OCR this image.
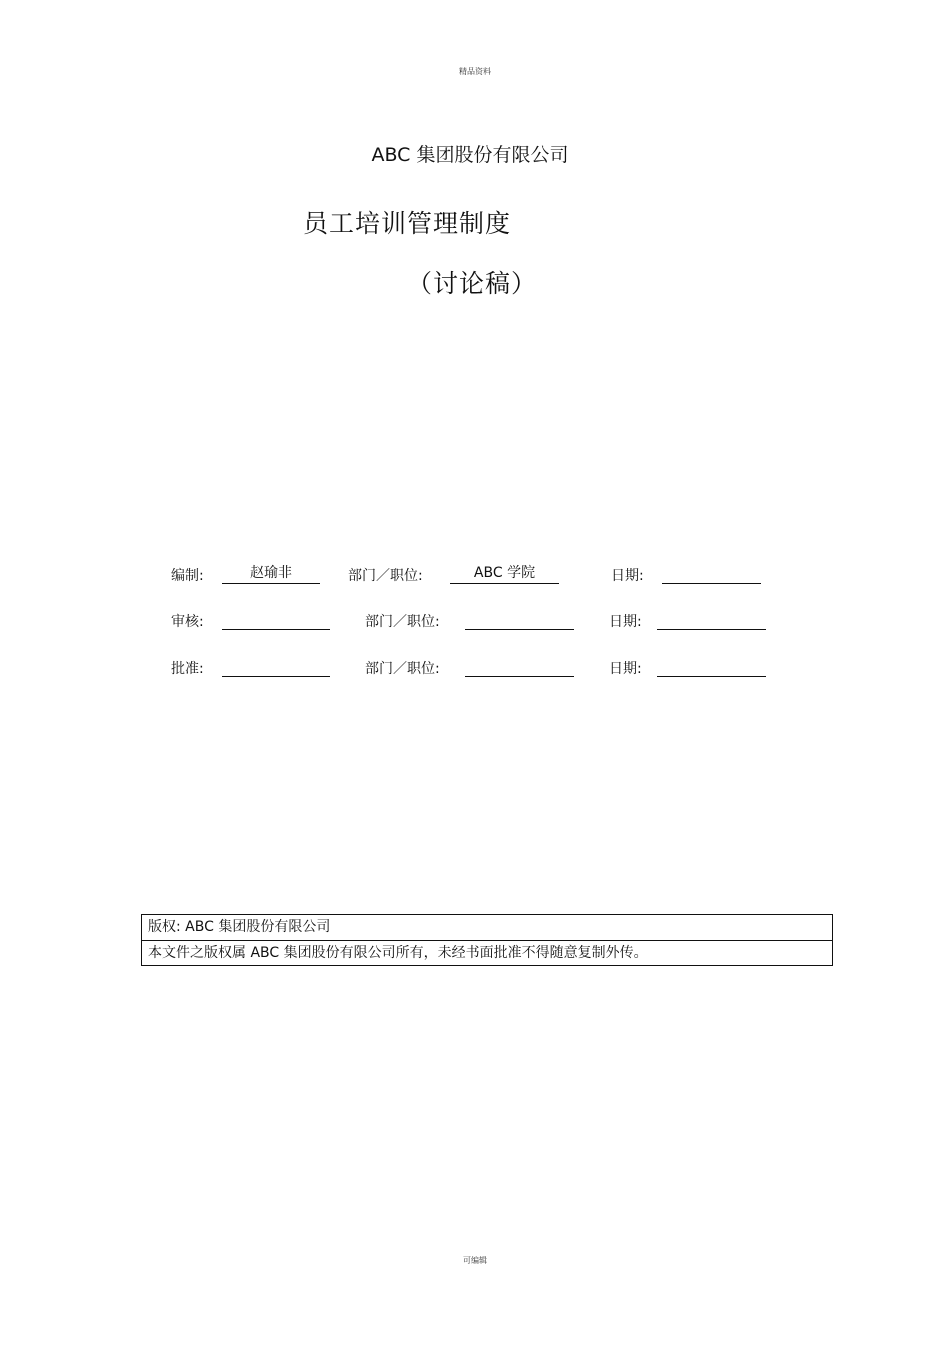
精品资料
ABC 集团股份有限公司
员工培训管理制度
（讨论稿）
编制:	赵瑜非	部门／职位:	ABC 学院	日期:
审核:	部门／职位:	日期:
批准:	部门／职位:	日期:
版权: ABC 集团股份有限公司
本文件之版权属 ABC 集团股份有限公司所有，未经书面批准不得随意复制外传。
可编辑
